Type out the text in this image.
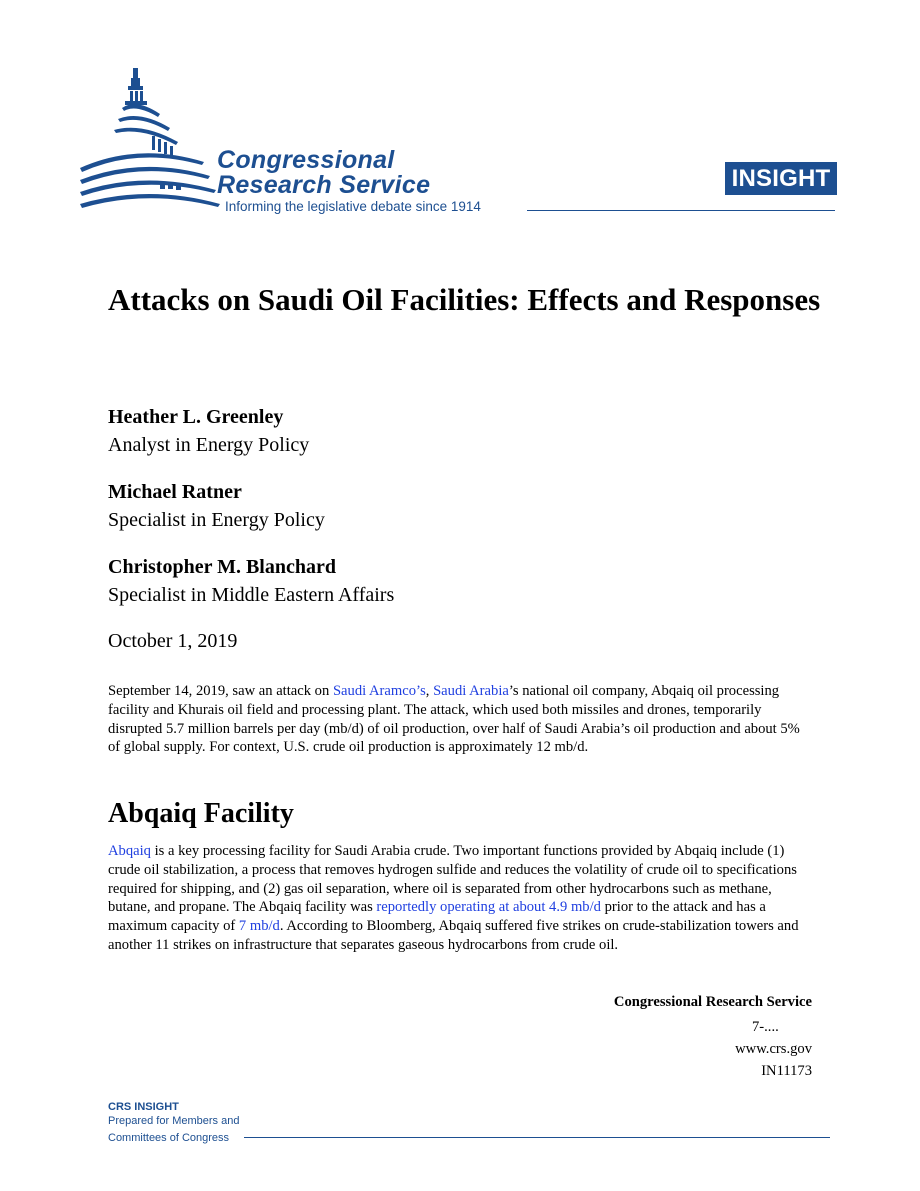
Congressional
Research Service
Informing the legislative debate since 1914
INSIGHT
Attacks on Saudi Oil Facilities: Effects and Responses
Heather L. Greenley
Analyst in Energy Policy
Michael Ratner
Specialist in Energy Policy
Christopher M. Blanchard
Specialist in Middle Eastern Affairs
October 1, 2019

September 14, 2019, saw an attack on Saudi Aramco’s, Saudi Arabia’s national oil company, Abqaiq oil processing facility and Khurais oil field and processing plant. The attack, which used both missiles and drones, temporarily disrupted 5.7 million barrels per day (mb/d) of oil production, over half of Saudi Arabia’s oil production and about 5% of global supply. For context, U.S. crude oil production is approximately 12 mb/d.

Abqaiq Facility

Abqaiq is a key processing facility for Saudi Arabia crude. Two important functions provided by Abqaiq include (1) crude oil stabilization, a process that removes hydrogen sulfide and reduces the volatility of crude oil to specifications required for shipping, and (2) gas oil separation, where oil is separated from other hydrocarbons such as methane, butane, and propane. The Abqaiq facility was reportedly operating at about 4.9 mb/d prior to the attack and has a maximum capacity of 7 mb/d. According to Bloomberg, Abqaiq suffered five strikes on crude-stabilization towers and another 11 strikes on infrastructure that separates gaseous hydrocarbons from crude oil.

Congressional Research Service
7-....
www.crs.gov
IN11173
CRS INSIGHT
Prepared for Members and
Committees of Congress
